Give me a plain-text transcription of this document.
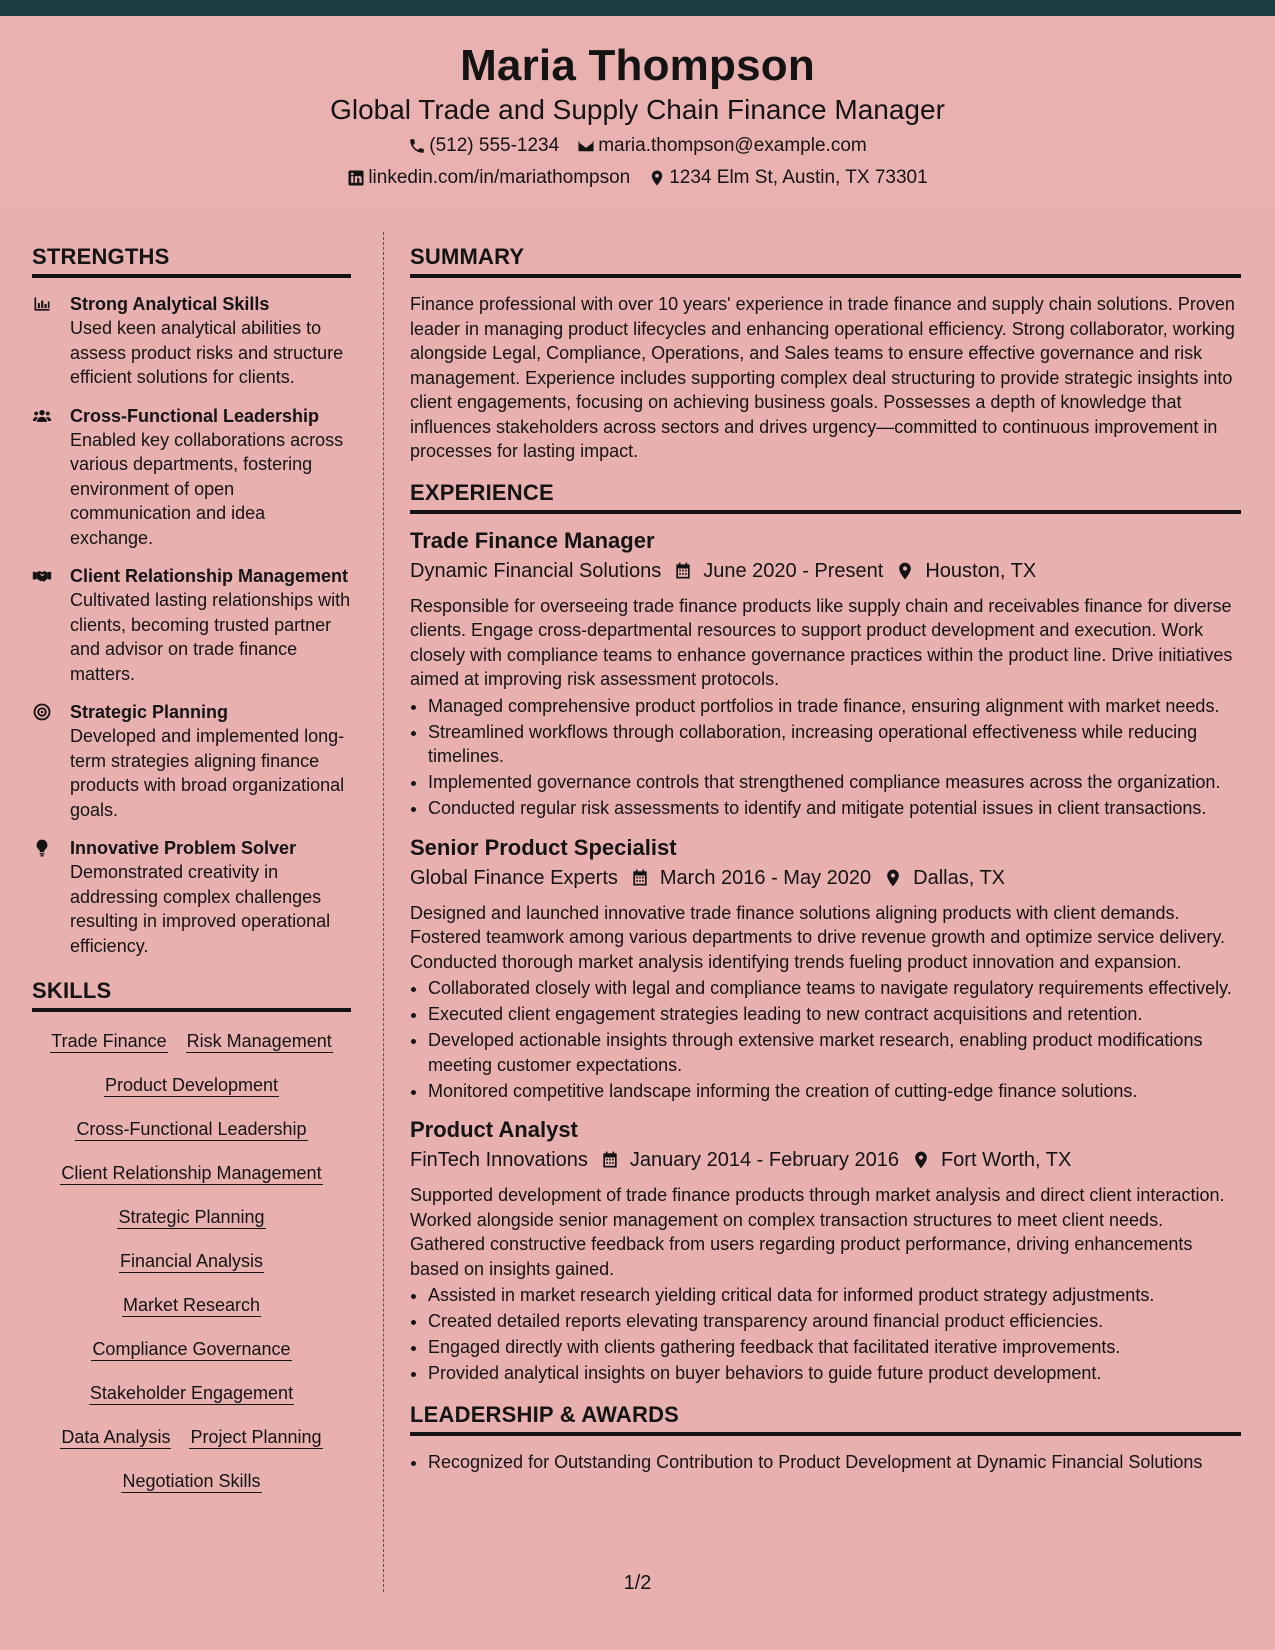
Maria Thompson
Global Trade and Supply Chain Finance Manager
(512) 555-1234 maria.thompson@example.com
linkedin.com/in/mariathompson 1234 Elm St, Austin, TX 73301
STRENGTHS
Strong Analytical Skills
Used keen analytical abilities to assess product risks and structure efficient solutions for clients.
Cross-Functional Leadership
Enabled key collaborations across various departments, fostering environment of open communication and idea exchange.
Client Relationship Management
Cultivated lasting relationships with clients, becoming trusted partner and advisor on trade finance matters.
Strategic Planning
Developed and implemented long-term strategies aligning finance products with broad organizational goals.
Innovative Problem Solver
Demonstrated creativity in addressing complex challenges resulting in improved operational efficiency.
SKILLS
Trade Finance Risk Management
Product Development
Cross-Functional Leadership
Client Relationship Management
Strategic Planning
Financial Analysis
Market Research
Compliance Governance
Stakeholder Engagement
Data Analysis Project Planning
Negotiation Skills
SUMMARY
Finance professional with over 10 years' experience in trade finance and supply chain solutions. Proven leader in managing product lifecycles and enhancing operational efficiency. Strong collaborator, working alongside Legal, Compliance, Operations, and Sales teams to ensure effective governance and risk management. Experience includes supporting complex deal structuring to provide strategic insights into client engagements, focusing on achieving business goals. Possesses a depth of knowledge that influences stakeholders across sectors and drives urgency—committed to continuous improvement in processes for lasting impact.
EXPERIENCE
Trade Finance Manager
Dynamic Financial Solutions June 2020 - Present Houston, TX
Responsible for overseeing trade finance products like supply chain and receivables finance for diverse clients. Engage cross-departmental resources to support product development and execution. Work closely with compliance teams to enhance governance practices within the product line. Drive initiatives aimed at improving risk assessment protocols.
• Managed comprehensive product portfolios in trade finance, ensuring alignment with market needs.
• Streamlined workflows through collaboration, increasing operational effectiveness while reducing timelines.
• Implemented governance controls that strengthened compliance measures across the organization.
• Conducted regular risk assessments to identify and mitigate potential issues in client transactions.
Senior Product Specialist
Global Finance Experts March 2016 - May 2020 Dallas, TX
Designed and launched innovative trade finance solutions aligning products with client demands. Fostered teamwork among various departments to drive revenue growth and optimize service delivery. Conducted thorough market analysis identifying trends fueling product innovation and expansion.
• Collaborated closely with legal and compliance teams to navigate regulatory requirements effectively.
• Executed client engagement strategies leading to new contract acquisitions and retention.
• Developed actionable insights through extensive market research, enabling product modifications meeting customer expectations.
• Monitored competitive landscape informing the creation of cutting-edge finance solutions.
Product Analyst
FinTech Innovations January 2014 - February 2016 Fort Worth, TX
Supported development of trade finance products through market analysis and direct client interaction. Worked alongside senior management on complex transaction structures to meet client needs. Gathered constructive feedback from users regarding product performance, driving enhancements based on insights gained.
• Assisted in market research yielding critical data for informed product strategy adjustments.
• Created detailed reports elevating transparency around financial product efficiencies.
• Engaged directly with clients gathering feedback that facilitated iterative improvements.
• Provided analytical insights on buyer behaviors to guide future product development.
LEADERSHIP & AWARDS
• Recognized for Outstanding Contribution to Product Development at Dynamic Financial Solutions
1/2
